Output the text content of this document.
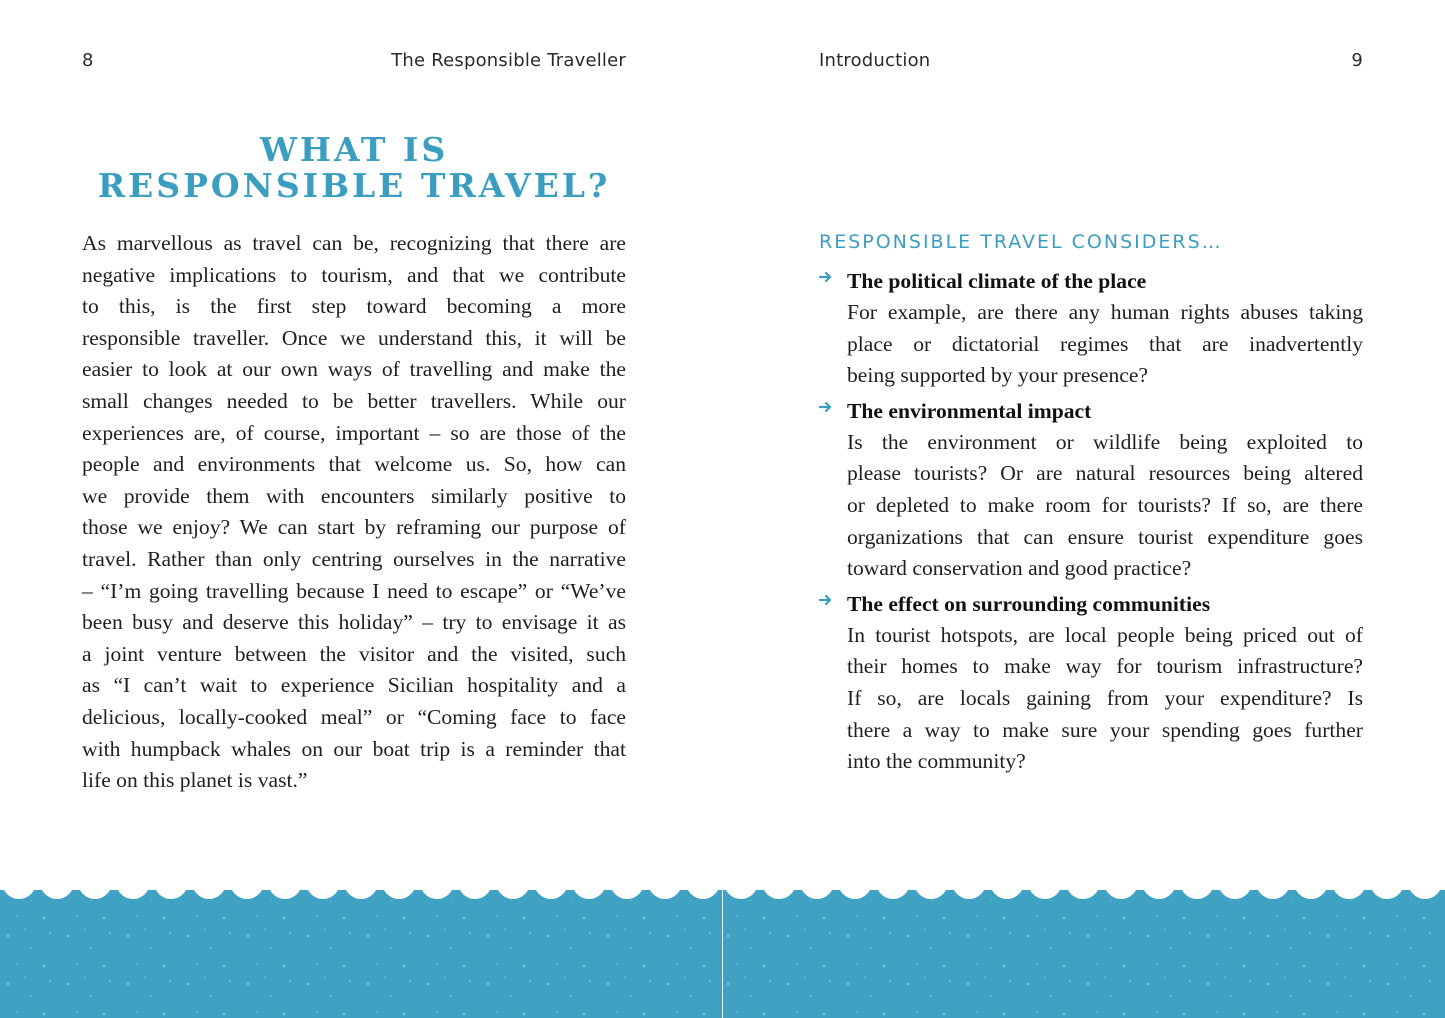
8	The Responsible Traveller
WHAT IS
RESPONSIBLE TRAVEL?
As marvellous as travel can be, recognizing that there are
negative implications to tourism, and that we contribute
to this, is the first step toward becoming a more
responsible traveller. Once we understand this, it will be
easier to look at our own ways of travelling and make the
small changes needed to be better travellers. While our
experiences are, of course, important – so are those of the
people and environments that welcome us. So, how can
we provide them with encounters similarly positive to
those we enjoy? We can start by reframing our purpose of
travel. Rather than only centring ourselves in the narrative
– “I’m going travelling because I need to escape” or “We’ve
been busy and deserve this holiday” – try to envisage it as
a joint venture between the visitor and the visited, such
as “I can’t wait to experience Sicilian hospitality and a
delicious, locally-cooked meal” or “Coming face to face
with humpback whales on our boat trip is a reminder that
life on this planet is vast.”
Introduction	9
RESPONSIBLE TRAVEL CONSIDERS…
The political climate of the place
For example, are there any human rights abuses taking
place or dictatorial regimes that are inadvertently
being supported by your presence?
The environmental impact
Is the environment or wildlife being exploited to
please tourists? Or are natural resources being altered
or depleted to make room for tourists? If so, are there
organizations that can ensure tourist expenditure goes
toward conservation and good practice?
The effect on surrounding communities
In tourist hotspots, are local people being priced out of
their homes to make way for tourism infrastructure?
If so, are locals gaining from your expenditure? Is
there a way to make sure your spending goes further
into the community?
